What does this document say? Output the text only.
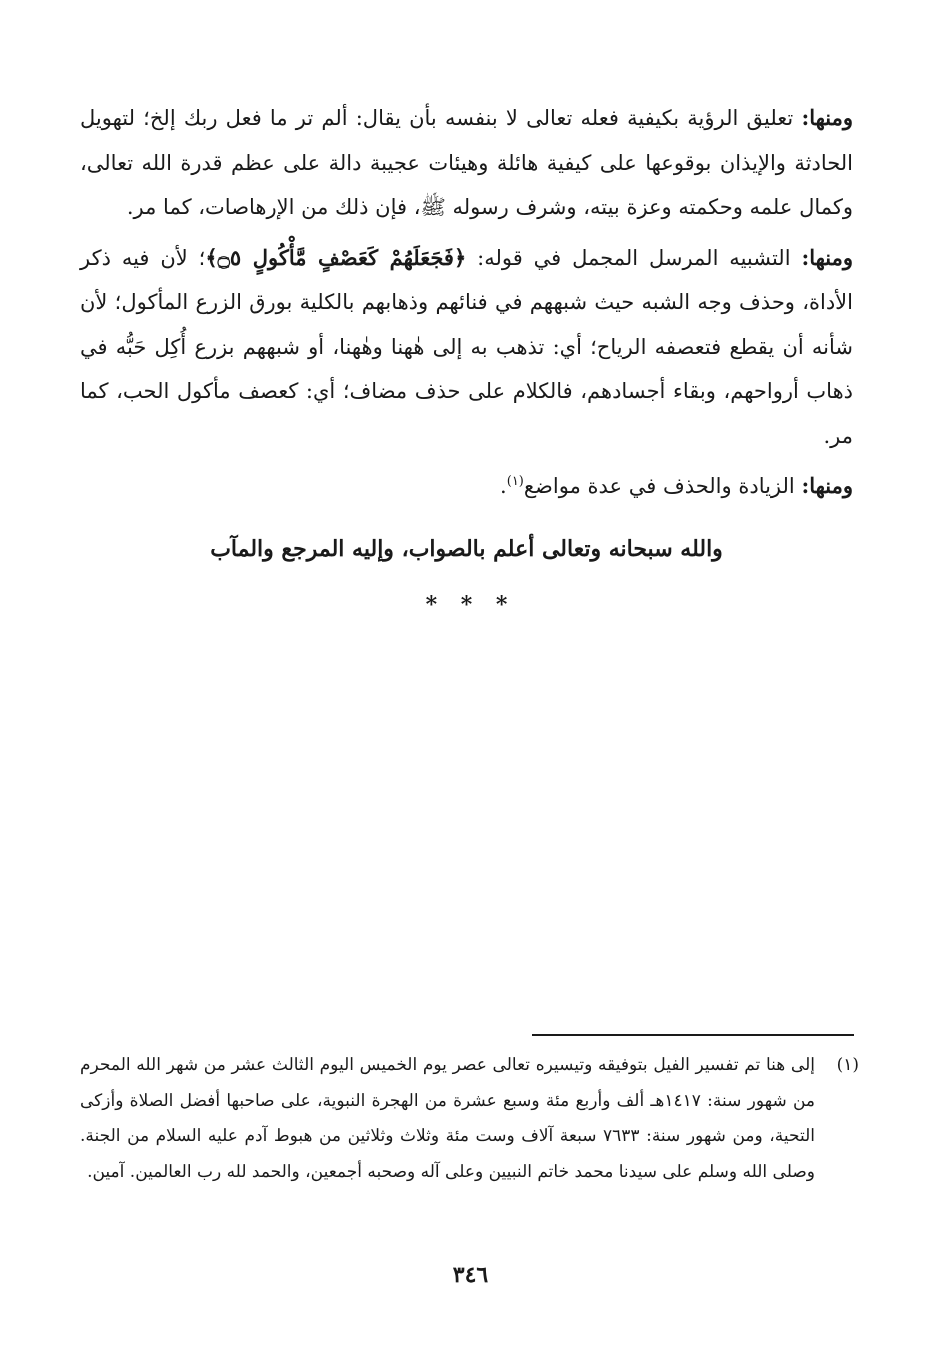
ومنها: تعليق الرؤية بكيفية فعله تعالى لا بنفسه بأن يقال: ألم تر ما فعل ربك إلخ؛ لتهويل الحادثة والإيذان بوقوعها على كيفية هائلة وهيئات عجيبة دالة على عظم قدرة الله تعالى، وكمال علمه وحكمته وعزة بيته، وشرف رسوله ﷺ، فإن ذلك من الإرهاصات، كما مر.

ومنها: التشبيه المرسل المجمل في قوله: ﴿فَجَعَلَهُمْ كَعَصْفٍ مَّأْكُولٍ ۝٥﴾؛ لأن فيه ذكر الأداة، وحذف وجه الشبه حيث شبههم في فنائهم وذهابهم بالكلية بورق الزرع المأكول؛ لأن شأنه أن يقطع فتعصفه الرياح؛ أي: تذهب به إلى هٰهنا وهٰهنا، أو شبههم بزرع أُكِل حَبُّه في ذهاب أرواحهم، وبقاء أجسادهم، فالكلام على حذف مضاف؛ أي: كعصف مأكول الحب، كما مر.

ومنها: الزيادة والحذف في عدة مواضع$^{(١)}$.

والله سبحانه وتعالى أعلم بالصواب، وإليه المرجع والمآب
* * *
(١)
إلى هنا تم تفسير الفيل بتوفيقه وتيسيره تعالى عصر يوم الخميس اليوم الثالث عشر من شهر الله المحرم من شهور سنة: ١٤١٧هـ ألف وأربع مئة وسبع عشرة من الهجرة النبوية، على صاحبها أفضل الصلاة وأزكى التحية، ومن شهور سنة: ٧٦٣٣ سبعة آلاف وست مئة وثلاث وثلاثين من هبوط آدم عليه السلام من الجنة. وصلى الله وسلم على سيدنا محمد خاتم النبيين وعلى آله وصحبه أجمعين، والحمد لله رب العالمين. آمين.
٣٤٦
